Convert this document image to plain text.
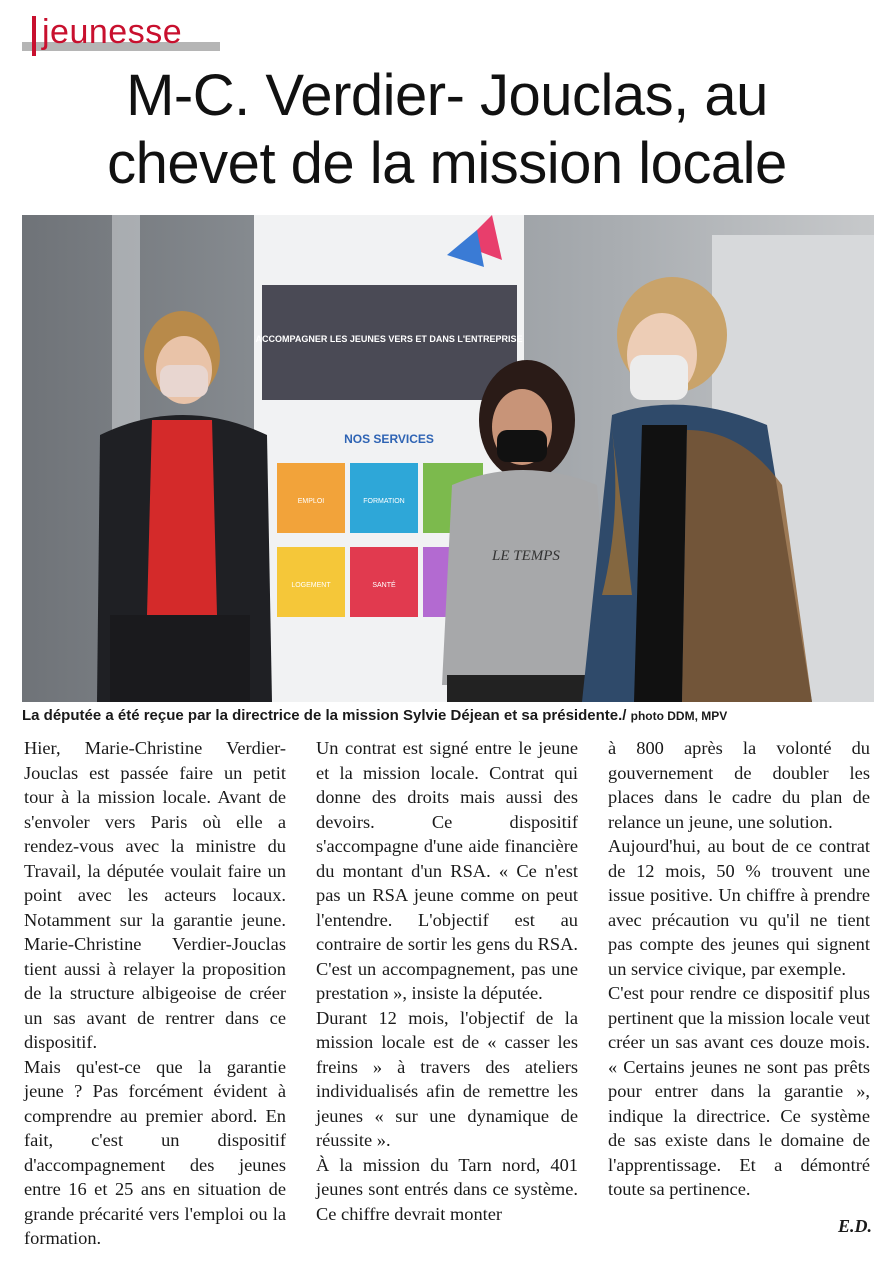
jeunesse
M-C. Verdier- Jouclas, au
chevet de la mission locale
ACCOMPAGNER LES JEUNES VERS ET DANS L'ENTREPRISE
NOS SERVICES
EMPLOI	FORMATION
LOGEMENT	SANTÉ
LE TEMPS
La députée a été reçue par la directrice de la mission Sylvie Déjean et sa présidente./ photo DDM, MPV

Hier, Marie-Christine Verdier-Jouclas est passée faire un petit tour à la mission locale. Avant de s'envoler vers Paris où elle a rendez-vous avec la ministre du Travail, la députée voulait faire un point avec les acteurs locaux. Notamment sur la garantie jeune. Marie-Christine Verdier-Jouclas tient aussi à relayer la proposition de la structure albigeoise de créer un sas avant de rentrer dans ce dispositif.

Mais qu'est-ce que la garantie jeune ? Pas forcément évident à comprendre au premier abord. En fait, c'est un dispositif d'accompagnement des jeunes entre 16 et 25 ans en situation de grande précarité vers l'emploi ou la formation.

Un contrat est signé entre le jeune et la mission locale. Contrat qui donne des droits mais aussi des devoirs. Ce dispositif s'accompagne d'une aide financière du montant d'un RSA. « Ce n'est pas un RSA jeune comme on peut l'entendre. L'objectif est au contraire de sortir les gens du RSA. C'est un accompagnement, pas une prestation », insiste la députée.

Durant 12 mois, l'objectif de la mission locale est de « casser les freins » à travers des ateliers individualisés afin de remettre les jeunes « sur une dynamique de réussite ».

À la mission du Tarn nord, 401 jeunes sont entrés dans ce système. Ce chiffre devrait monter

à 800 après la volonté du gouvernement de doubler les places dans le cadre du plan de relance un jeune, une solution.

Aujourd'hui, au bout de ce contrat de 12 mois, 50 % trouvent une issue positive. Un chiffre à prendre avec précaution vu qu'il ne tient pas compte des jeunes qui signent un service civique, par exemple.

C'est pour rendre ce dispositif plus pertinent que la mission locale veut créer un sas avant ces douze mois. « Certains jeunes ne sont pas prêts pour entrer dans la garantie », indique la directrice. Ce système de sas existe dans le domaine de l'apprentissage. Et a démontré toute sa pertinence.

E.D.
